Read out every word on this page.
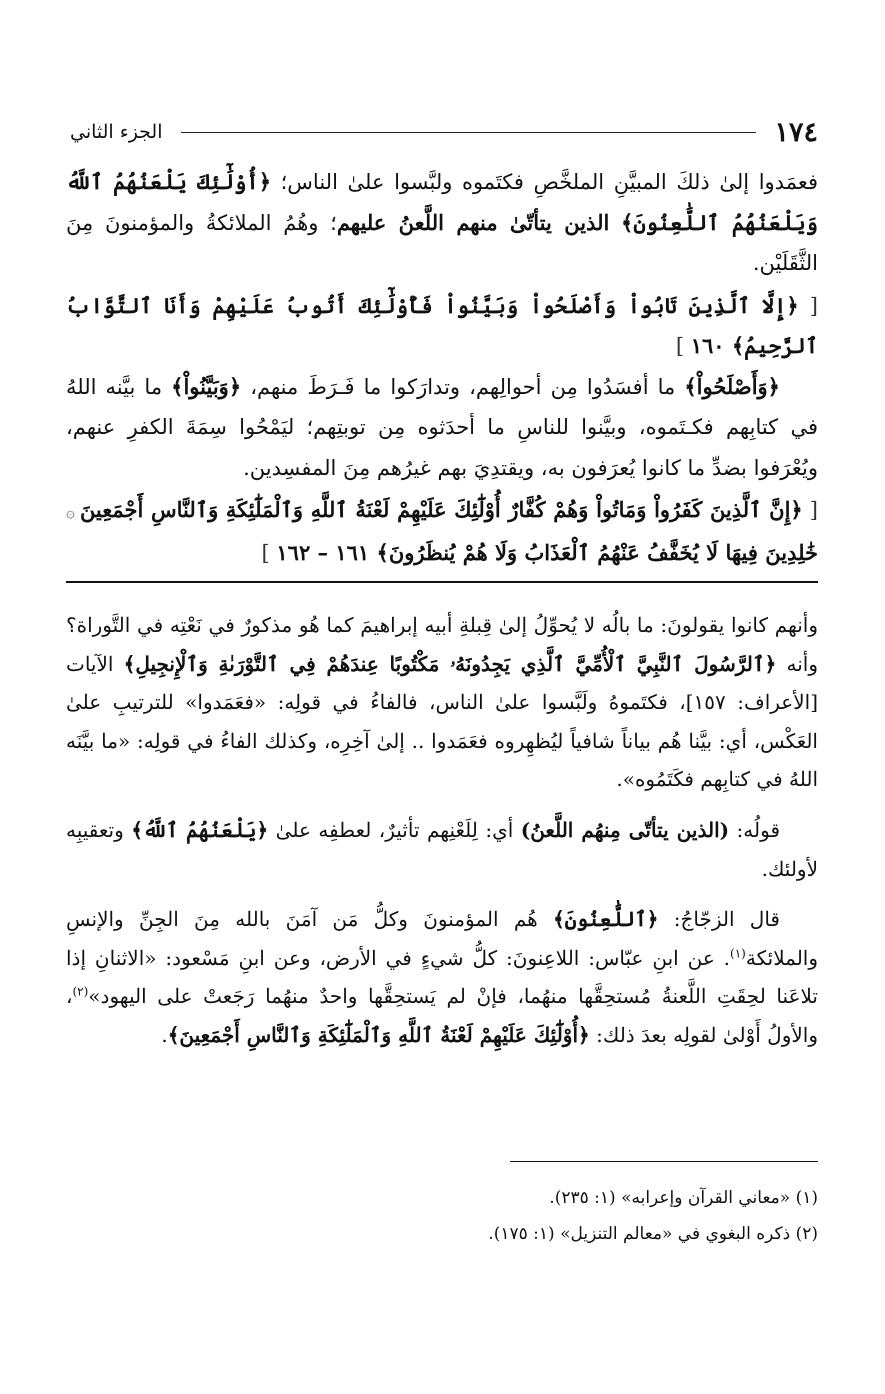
١٧٤
الجزء الثاني

فعمَدوا إلىٰ ذلكَ المبيَّنِ الملخَّصِ فكتَموه ولبَّسوا علىٰ الناس؛ ﴿أُوْلَٰٓئِكَ يَلْعَنُهُمُ ٱللَّهُ وَيَلْعَنُهُمُ ٱللَّٰعِنُونَ﴾ الذين يتأتّىٰ منهم اللَّعنُ عليهم؛ وهُمُ الملائكةُ والمؤمنونَ مِنَ الثَّقَلَيْن.

[ ﴿إِلَّا ٱلَّذِينَ تَابُواْ وَأَصْلَحُواْ وَبَيَّنُواْ فَأُوْلَٰٓئِكَ أَتُوبُ عَلَيْهِمْ وَأَنَا ٱلتَّوَّابُ ٱلرَّحِيمُ﴾ ١٦٠ ]

﴿وَأَصْلَحُواْ﴾ ما أفسَدُوا مِن أحوالِهم، وتدارَكوا ما فَـرَطَ منهم، ﴿وَبَيَّنُواْ﴾ ما بيَّنه اللهُ في كتابِهم فكـتَموه، وبيَّنوا للناسِ ما أحدَثوه مِن توبتِهم؛ ليَمْحُوا سِمَةَ الكفرِ عنهم، ويُعْرَفوا بضدِّ ما كانوا يُعرَفون به، ويقتدِيَ بهم غيرُهم مِنَ المفسِدين.

[ ﴿إِنَّ ٱلَّذِينَ كَفَرُواْ وَمَاتُواْ وَهُمْ كُفَّارٌ أُوْلَٰٓئِكَ عَلَيْهِمْ لَعْنَةُ ٱللَّهِ وَٱلْمَلَٰٓئِكَةِ وَٱلنَّاسِ أَجْمَعِينَ ۞ خَٰلِدِينَ فِيهَا لَا يُخَفَّفُ عَنْهُمُ ٱلْعَذَابُ وَلَا هُمْ يُنظَرُونَ﴾ ١٦١ – ١٦٢ ]

وأنهم كانوا يقولونَ: ما بالُه لا يُحوِّلُ إلىٰ قِبلةِ أبيه إبراهيمَ كما هُو مذكورٌ في نَعْتِه في التَّوراة؟ وأنه ﴿ٱلرَّسُولَ ٱلنَّبِيَّ ٱلْأُمِّيَّ ٱلَّذِي يَجِدُونَهُۥ مَكْتُوبًا عِندَهُمْ فِي ٱلتَّوْرَىٰةِ وَٱلْإِنجِيلِ﴾ الآيات [الأعراف: ١٥٧]، فكتَموهُ ولَبَّسوا علىٰ الناس، فالفاءُ في قولِه: «فعَمَدوا» للترتيبِ علىٰ العَكْس، أي: بيَّنا هُم بياناً شافياً ليُظهِروه فعَمَدوا .. إلىٰ آخِرِه، وكذلك الفاءُ في قولِه: «ما بيَّنَه اللهُ في كتابِهم فكَتَمُوه».

قولُه: (الذين يتأتّى مِنهُم اللَّعنُ) أي: لِلَعْنِهم تأثيرٌ، لعطفِه علىٰ ﴿يَلْعَنُهُمُ ٱللَّهُ﴾ وتعقيبِه لأولئك.

قال الزجّاجُ: ﴿ٱللَّٰعِنُونَ﴾ هُم المؤمنونَ وكلُّ مَن آمَنَ بالله مِنَ الجِنِّ والإنسِ والملائكة$^{(١)}$. عن ابنِ عبّاس: اللاعِنونَ: كلُّ شيءٍ في الأرض، وعن ابنِ مَسْعود: «الاثنانِ إذا تلاعَنا لحِقَتِ اللَّعنةُ مُستحِقَّها منهُما، فإنْ لم يَستحِقَّها واحدٌ منهُما رَجَعتْ على اليهود»$^{(٢)}$، والأولُ أَوْلىٰ لقولِه بعدَ ذلك: ﴿أُوْلَٰٓئِكَ عَلَيْهِمْ لَعْنَةُ ٱللَّهِ وَٱلْمَلَٰٓئِكَةِ وَٱلنَّاسِ أَجْمَعِينَ﴾.

(١) «معاني القرآن وإعرابه» (١: ٢٣٥).

(٢) ذكره البغوي في «معالم التنزيل» (١: ١٧٥).
